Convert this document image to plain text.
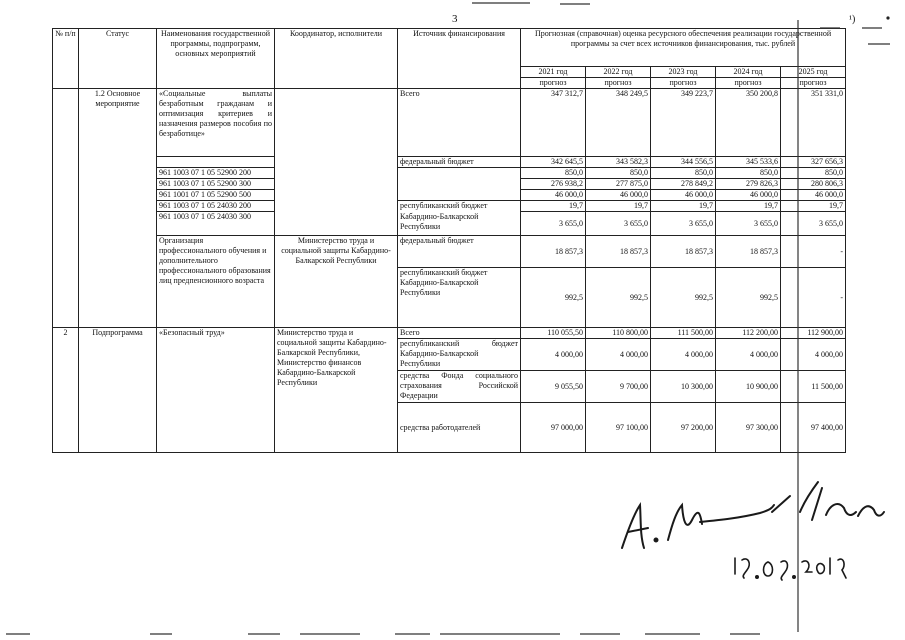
3	¹)
№ п/п	Статус	Наименования государственной программы, подпрограмм, основных мероприятий	Координатор, исполнители	Источник финансирования	Прогнозная (справочная) оценка ресурсного обеспечения реализации государственной программы за счет всех источников финансирования, тыс. рублей				
					2021 год	2022 год	2023 год	2024 год	2025 год
					прогноз	прогноз	прогноз	прогноз	прогноз
	1.2 Основное мероприятие	«Социальные выплаты безработным гражданам и оптимизация критериев и назначения размеров пособия по безработице»		Всего	347 312,7	348 249,5	349 223,7	350 200,8	351 331,0
				федеральный бюджет	342 645,5	343 582,3	344 556,5	345 533,6	327 656,3
		961 1003 07 1 05 52900 200			850,0	850,0	850,0	850,0	850,0
		961 1003 07 1 05 52900 300			276 938,2	277 875,0	278 849,2	279 826,3	280 806,3
		961 1001 07 1 05 52900 500			46 000,0	46 000,0	46 000,0	46 000,0	46 000,0
		961 1003 07 1 05 24030 200		республиканский бюджет	19,7	19,7	19,7	19,7	19,7
		961 1003 07 1 05 24030 300		Кабардино-Балкарской Республики	3 655,0	3 655,0	3 655,0	3 655,0	3 655,0
		Организация профессионального обучения и дополнительного профессионального образования лиц предпенсионного возраста	Министерство труда и социальной защиты Кабардино-Балкарской Республики	федеральный бюджет	18 857,3	18 857,3	18 857,3	18 857,3	-
				республиканский бюджет Кабардино-Балкарской Республики	992,5	992,5	992,5	992,5	-
2	Подпрограмма	«Безопасный труд»	Министерство труда и социальной защиты Кабардино-Балкарской Республики, Министерство финансов Кабардино-Балкарской Республики	Всего	110 055,50	110 800,00	111 500,00	112 200,00	112 900,00
				республиканский бюджет Кабардино-Балкарской Республики	4 000,00	4 000,00	4 000,00	4 000,00	4 000,00
				средства Фонда социального страхования Российской Федерации	9 055,50	9 700,00	10 300,00	10 900,00	11 500,00
				средства работодателей	97 000,00	97 100,00	97 200,00	97 300,00	97 400,00
